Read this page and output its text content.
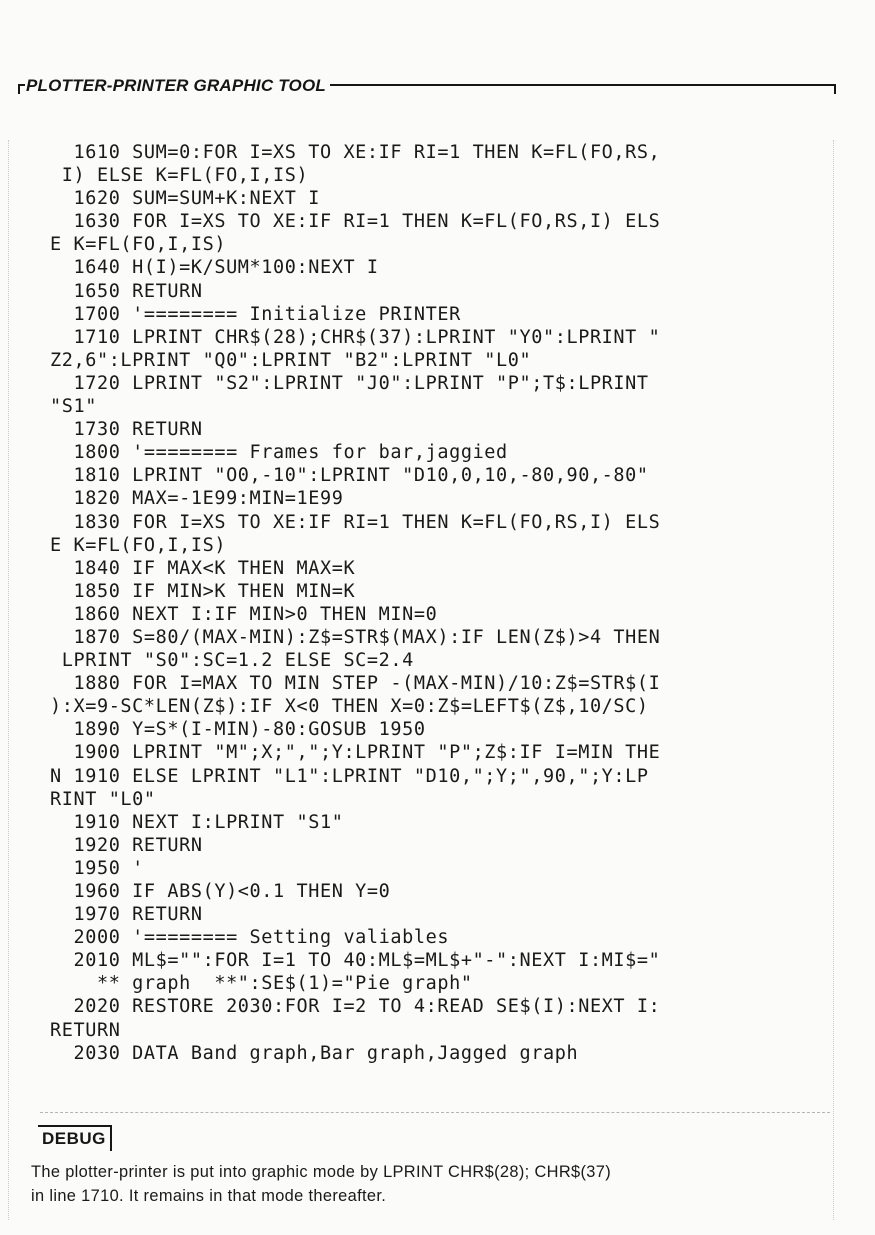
PLOTTER-PRINTER GRAPHIC TOOL
1610 SUM=0:FOR I=XS TO XE:IF RI=1 THEN K=FL(FO,RS,
I) ELSE K=FL(FO,I,IS)
1620 SUM=SUM+K:NEXT I
1630 FOR I=XS TO XE:IF RI=1 THEN K=FL(FO,RS,I) ELS
E K=FL(FO,I,IS)
1640 H(I)=K/SUM*100:NEXT I
1650 RETURN
1700 '======== Initialize PRINTER
1710 LPRINT CHR$(28);CHR$(37):LPRINT "Y0":LPRINT "
Z2,6":LPRINT "Q0":LPRINT "B2":LPRINT "L0"
1720 LPRINT "S2":LPRINT "J0":LPRINT "P";T$:LPRINT
"S1"
1730 RETURN
1800 '======== Frames for bar,jaggied
1810 LPRINT "O0,-10":LPRINT "D10,0,10,-80,90,-80"
1820 MAX=-1E99:MIN=1E99
1830 FOR I=XS TO XE:IF RI=1 THEN K=FL(FO,RS,I) ELS
E K=FL(FO,I,IS)
1840 IF MAX<K THEN MAX=K
1850 IF MIN>K THEN MIN=K
1860 NEXT I:IF MIN>0 THEN MIN=0
1870 S=80/(MAX-MIN):Z$=STR$(MAX):IF LEN(Z$)>4 THEN
LPRINT "S0":SC=1.2 ELSE SC=2.4
1880 FOR I=MAX TO MIN STEP -(MAX-MIN)/10:Z$=STR$(I
):X=9-SC*LEN(Z$):IF X<0 THEN X=0:Z$=LEFT$(Z$,10/SC)
1890 Y=S*(I-MIN)-80:GOSUB 1950
1900 LPRINT "M";X;",";Y:LPRINT "P";Z$:IF I=MIN THE
N 1910 ELSE LPRINT "L1":LPRINT "D10,";Y;",90,";Y:LP
RINT "L0"
1910 NEXT I:LPRINT "S1"
1920 RETURN
1950 '
1960 IF ABS(Y)<0.1 THEN Y=0
1970 RETURN
2000 '======== Setting valiables
2010 ML$="":FOR I=1 TO 40:ML$=ML$+"-":NEXT I:MI$="
** graph  **":SE$(1)="Pie graph"
2020 RESTORE 2030:FOR I=2 TO 4:READ SE$(I):NEXT I:
RETURN
2030 DATA Band graph,Bar graph,Jagged graph
DEBUG
The plotter-printer is put into graphic mode by LPRINT CHR$(28); CHR$(37)
in line 1710. It remains in that mode thereafter.
